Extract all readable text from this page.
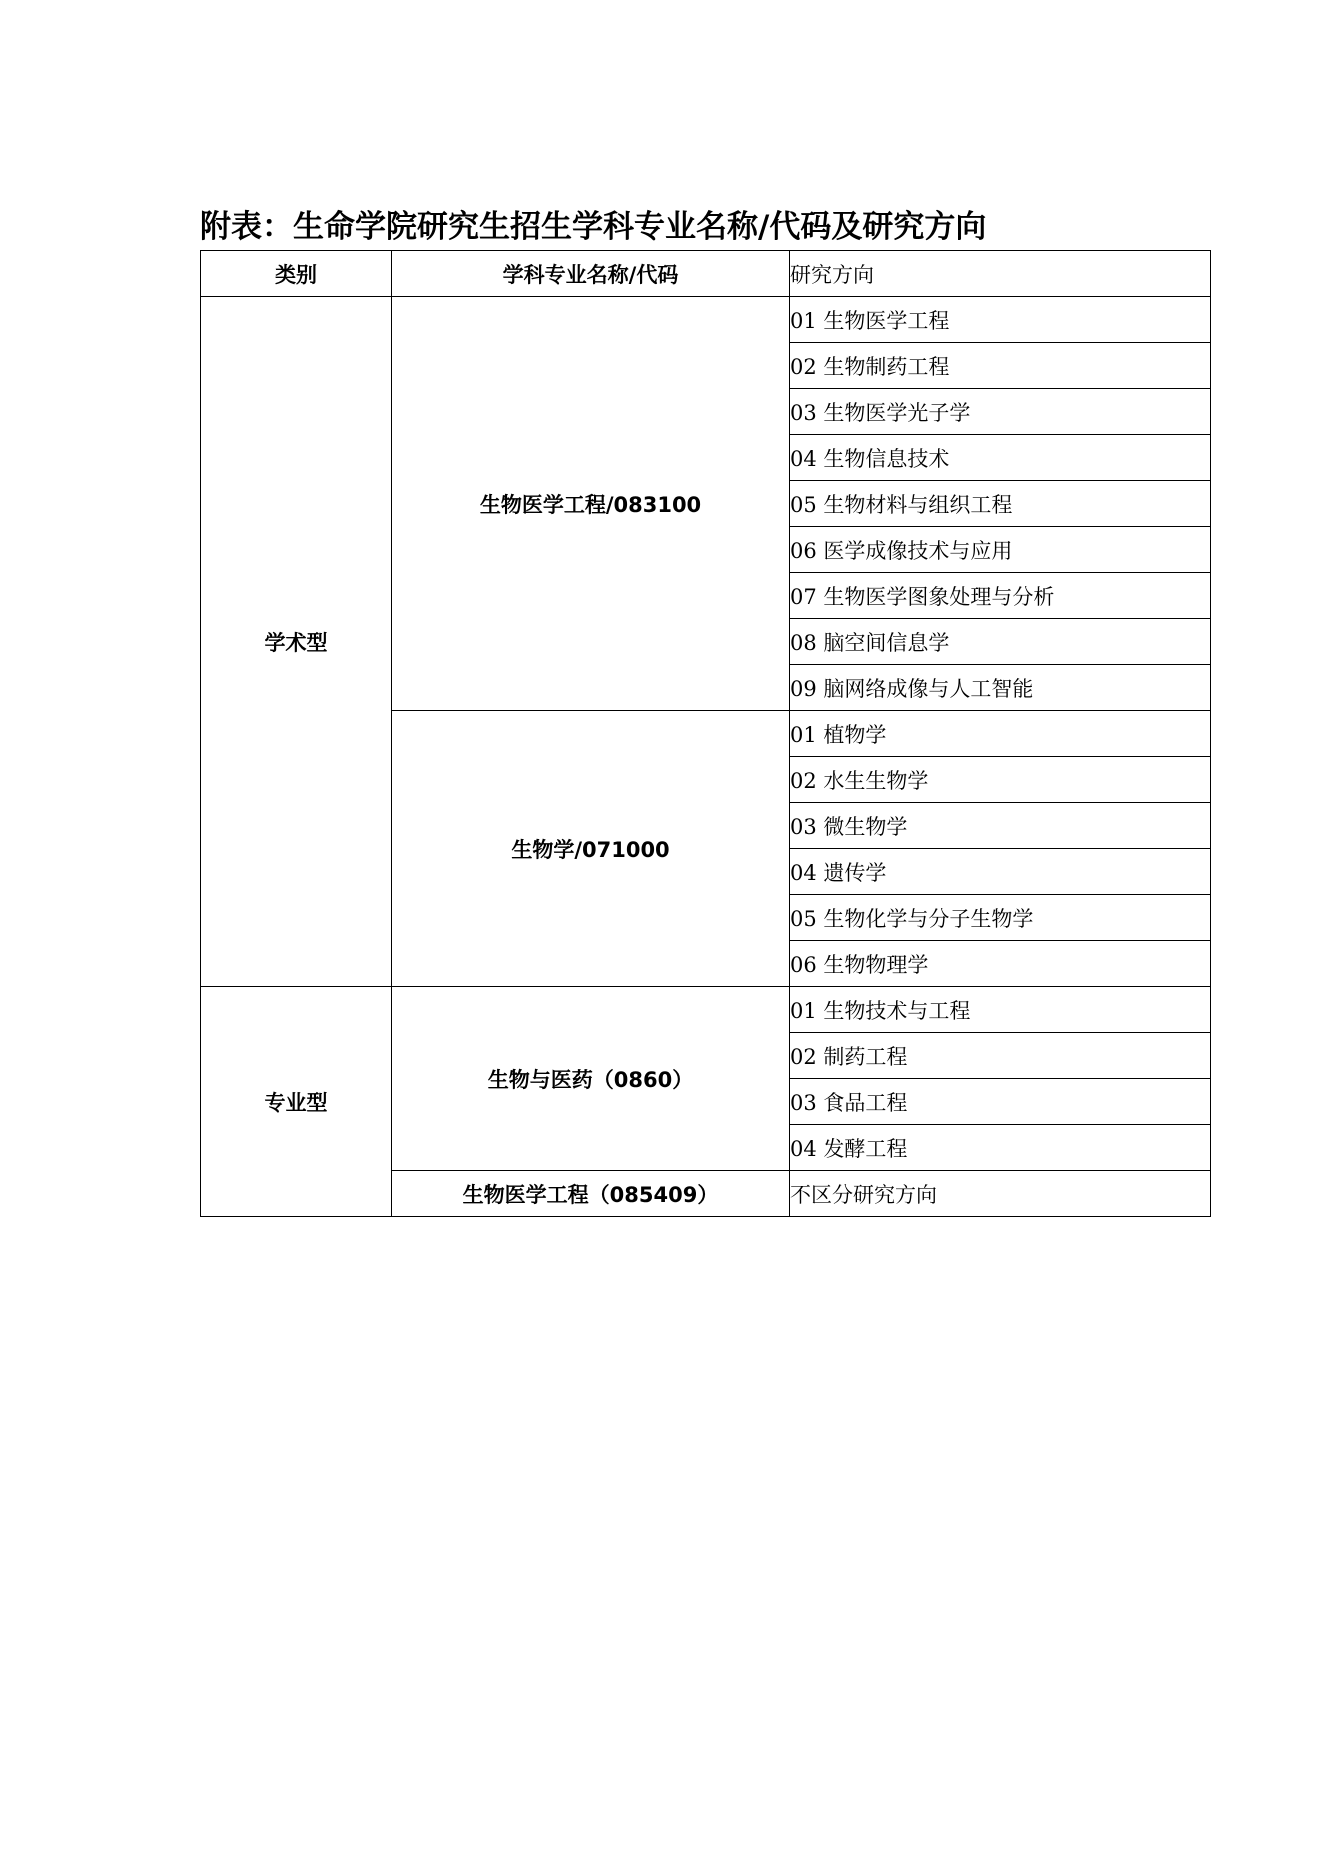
附表：生命学院研究生招生学科专业名称/代码及研究方向
类别	学科专业名称/代码	研究方向
学术型	生物医学工程/083100	01 生物医学工程
		02 生物制药工程
		03 生物医学光子学
		04 生物信息技术
		05 生物材料与组织工程
		06 医学成像技术与应用
		07 生物医学图象处理与分析
		08 脑空间信息学
		09 脑网络成像与人工智能
	生物学/071000	01 植物学
		02 水生生物学
		03 微生物学
		04 遗传学
		05 生物化学与分子生物学
		06 生物物理学
专业型	生物与医药（0860）	01 生物技术与工程
		02 制药工程
		03 食品工程
		04 发酵工程
	生物医学工程（085409）	不区分研究方向
